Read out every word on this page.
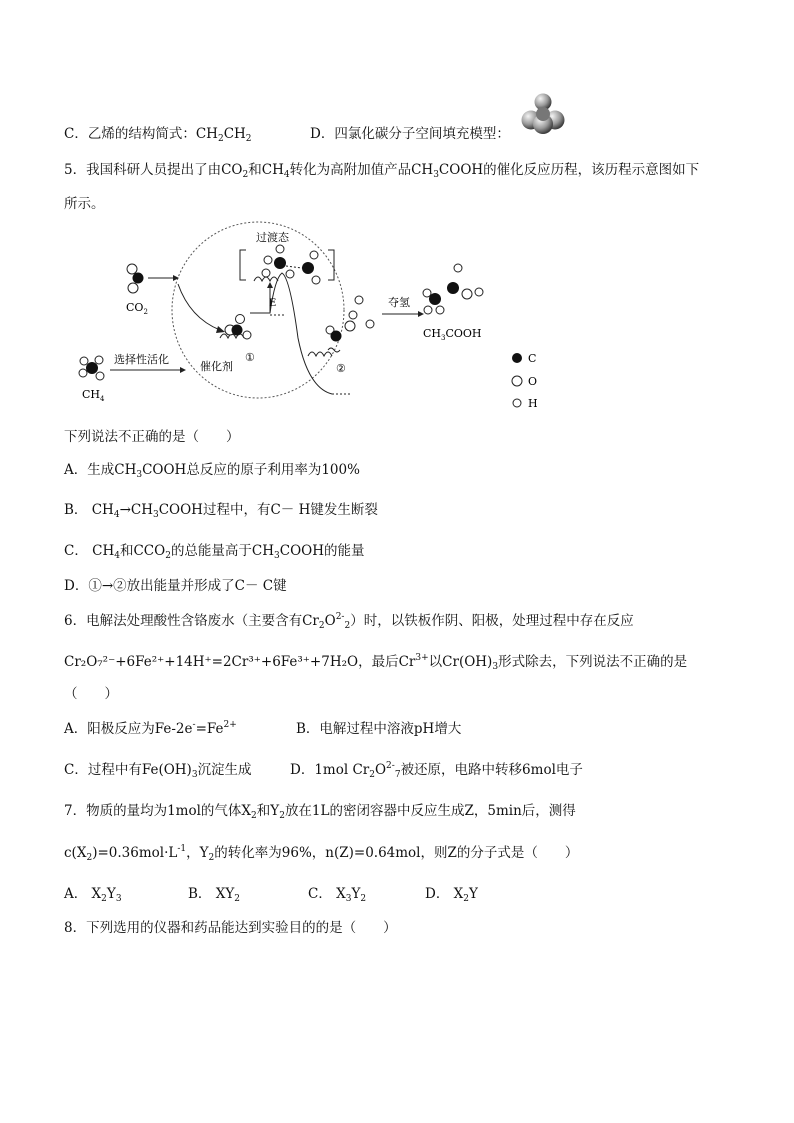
C．乙烯的结构简式：$CH_2CH_2$	D．四氯化碳分子空间填充模型：
5．我国科研人员提出了由$CO_2$和$CH_4$转化为高附加值产品$CH_3COOH$的催化反应历程，该历程示意图如下
所示。
$CO_2$
$CH_4$
选择性活化
催化剂
①
E
过渡态
②
夺氢
$CH_3COOH$
C
O
H
下列说法不正确的是（　　）
A．生成$CH_3COOH$总反应的原子利用率为100%
B． $CH_4\to CH_3COOH$过程中，有C－ H键发生断裂
C． $CH_4$和$CCO_2$的总能量高于$CH_3COOH$的能量
D．①→②放出能量并形成了C－ C键
6．电解法处理酸性含铬废水（主要含有$Cr_2O^{2-}_2$）时，以铁板作阴、阳极，处理过程中存在反应
Cr₂O₇²⁻+6Fe²⁺+14H⁺=2Cr³⁺+6Fe³⁺+7H₂O，最后$Cr^{3+}$以$Cr(OH)_3$形式除去，下列说法不正确的是
（　　）
A．阳极反应为$Fe-2e^-=Fe^{2+}$	B．电解过程中溶液pH增大
C．过程中有$Fe(OH)_3$沉淀生成	D．1mol $Cr_2O^{2-}_7$被还原，电路中转移6mol电子
7．物质的量均为1mol的气体$X_2$和$Y_2$放在1L的密闭容器中反应生成Z，5min后，测得
$c(X_2)=0.36mol\cdot L^{-1}$，$Y_2$的转化率为96%，n(Z)=0.64mol，则Z的分子式是（　　）
A． $X_2Y_3$	B． $XY_2$	C． $X_3Y_2$	D． $X_2Y$
8．下列选用的仪器和药品能达到实验目的的是（　　）
